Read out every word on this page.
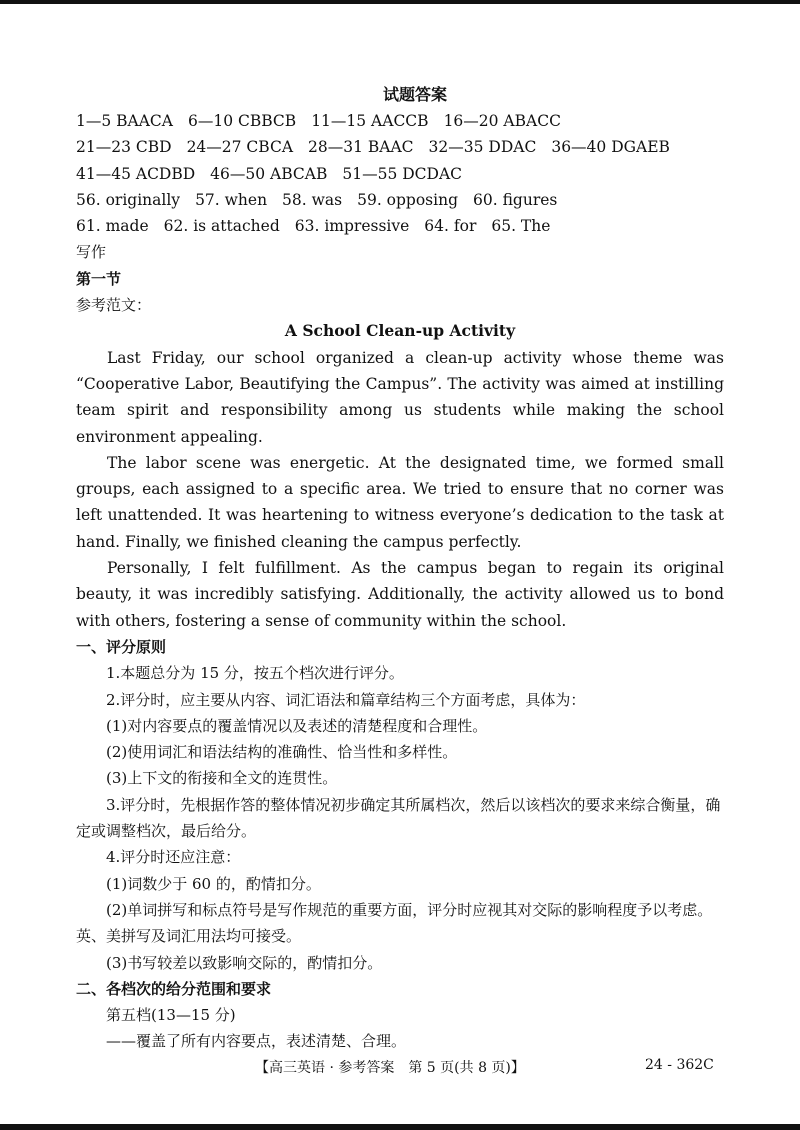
试题答案
1—5 BAACA 6—10 CBBCB 11—15 AACCB 16—20 ABACC
21—23 CBD 24—27 CBCA 28—31 BAAC 32—35 DDAC 36—40 DGAEB
41—45 ACDBD 46—50 ABCAB 51—55 DCDAC
56. originally 57. when 58. was 59. opposing 60. figures
61. made 62. is attached 63. impressive 64. for 65. The
写作
第一节
参考范文：
A School Clean-up Activity
Last Friday, our school organized a clean-up activity whose theme was “Cooperative Labor, Beautifying the Campus”. The activity was aimed at instilling team spirit and responsibility among us students while making the school environment appealing.
The labor scene was energetic. At the designated time, we formed small groups, each assigned to a specific area. We tried to ensure that no corner was left unattended. It was heartening to witness everyone’s dedication to the task at hand. Finally, we finished cleaning the campus perfectly.
Personally, I felt fulfillment. As the campus began to regain its original beauty, it was incredibly satisfying. Additionally, the activity allowed us to bond with others, fostering a sense of community within the school.
一、评分原则
1.本题总分为 15 分，按五个档次进行评分。
2.评分时，应主要从内容、词汇语法和篇章结构三个方面考虑，具体为：
(1)对内容要点的覆盖情况以及表述的清楚程度和合理性。
(2)使用词汇和语法结构的准确性、恰当性和多样性。
(3)上下文的衔接和全文的连贯性。
3.评分时，先根据作答的整体情况初步确定其所属档次，然后以该档次的要求来综合衡量，确定或调整档次，最后给分。
4.评分时还应注意：
(1)词数少于 60 的，酌情扣分。
(2)单词拼写和标点符号是写作规范的重要方面，评分时应视其对交际的影响程度予以考虑。英、美拼写及词汇用法均可接受。
(3)书写较差以致影响交际的，酌情扣分。
二、各档次的给分范围和要求
第五档(13—15 分)
——覆盖了所有内容要点，表述清楚、合理。
【高三英语 · 参考答案　第 5 页(共 8 页)】	24 - 362C
